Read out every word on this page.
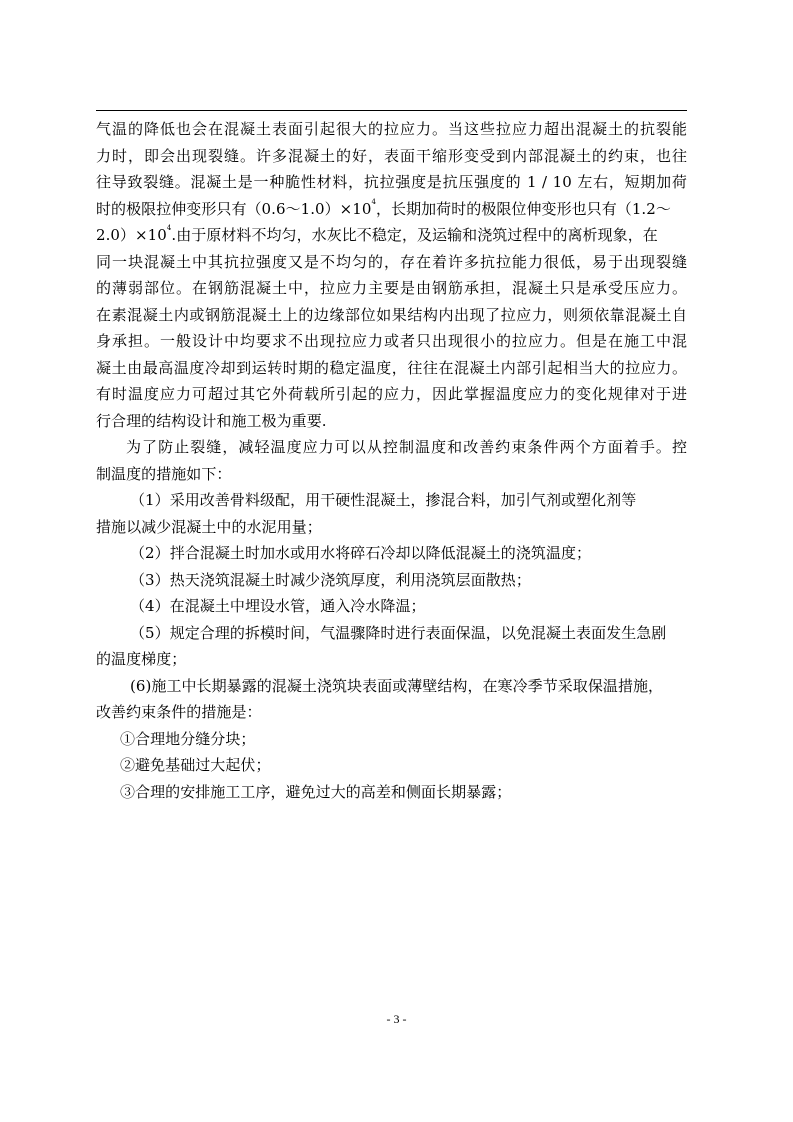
气温的降低也会在混凝土表面引起很大的拉应力。当这些拉应力超出混凝土的抗裂能
力时，即会出现裂缝。许多混凝土的好，表面干缩形变受到内部混凝土的约束，也往
往导致裂缝。混凝土是一种脆性材料，抗拉强度是抗压强度的 1 / 10 左右，短期加荷
时的极限拉伸变形只有$(0.6\sim 1.0)\times 10^4$，长期加荷时的极限位伸变形也只有（1.2～
$2.0)\times 10^4$.由于原材料不均匀，水灰比不稳定，及运输和浇筑过程中的离析现象，在
同一块混凝土中其抗拉强度又是不均匀的，存在着许多抗拉能力很低，易于出现裂缝
的薄弱部位。在钢筋混凝土中，拉应力主要是由钢筋承担，混凝土只是承受压应力。
在素混凝土内或钢筋混凝土上的边缘部位如果结构内出现了拉应力，则须依靠混凝土自
身承担。一般设计中均要求不出现拉应力或者只出现很小的拉应力。但是在施工中混
凝土由最高温度冷却到运转时期的稳定温度，往往在混凝土内部引起相当大的拉应力。
有时温度应力可超过其它外荷载所引起的应力，因此掌握温度应力的变化规律对于进
行合理的结构设计和施工极为重要.
为了防止裂缝，减轻温度应力可以从控制温度和改善约束条件两个方面着手。控
制温度的措施如下：
（1）采用改善骨料级配，用干硬性混凝土，掺混合料，加引气剂或塑化剂等
措施以减少混凝土中的水泥用量；
（2）拌合混凝土时加水或用水将碎石冷却以降低混凝土的浇筑温度；
（3）热天浇筑混凝土时减少浇筑厚度，利用浇筑层面散热；
（4）在混凝土中埋设水管，通入冷水降温；
（5）规定合理的拆模时间，气温骤降时进行表面保温，以免混凝土表面发生急剧
的温度梯度；
(6)施工中长期暴露的混凝土浇筑块表面或薄壁结构，在寒冷季节采取保温措施，
改善约束条件的措施是：
①合理地分缝分块；
②避免基础过大起伏；
③合理的安排施工工序，避免过大的高差和侧面长期暴露；
- 3 -
